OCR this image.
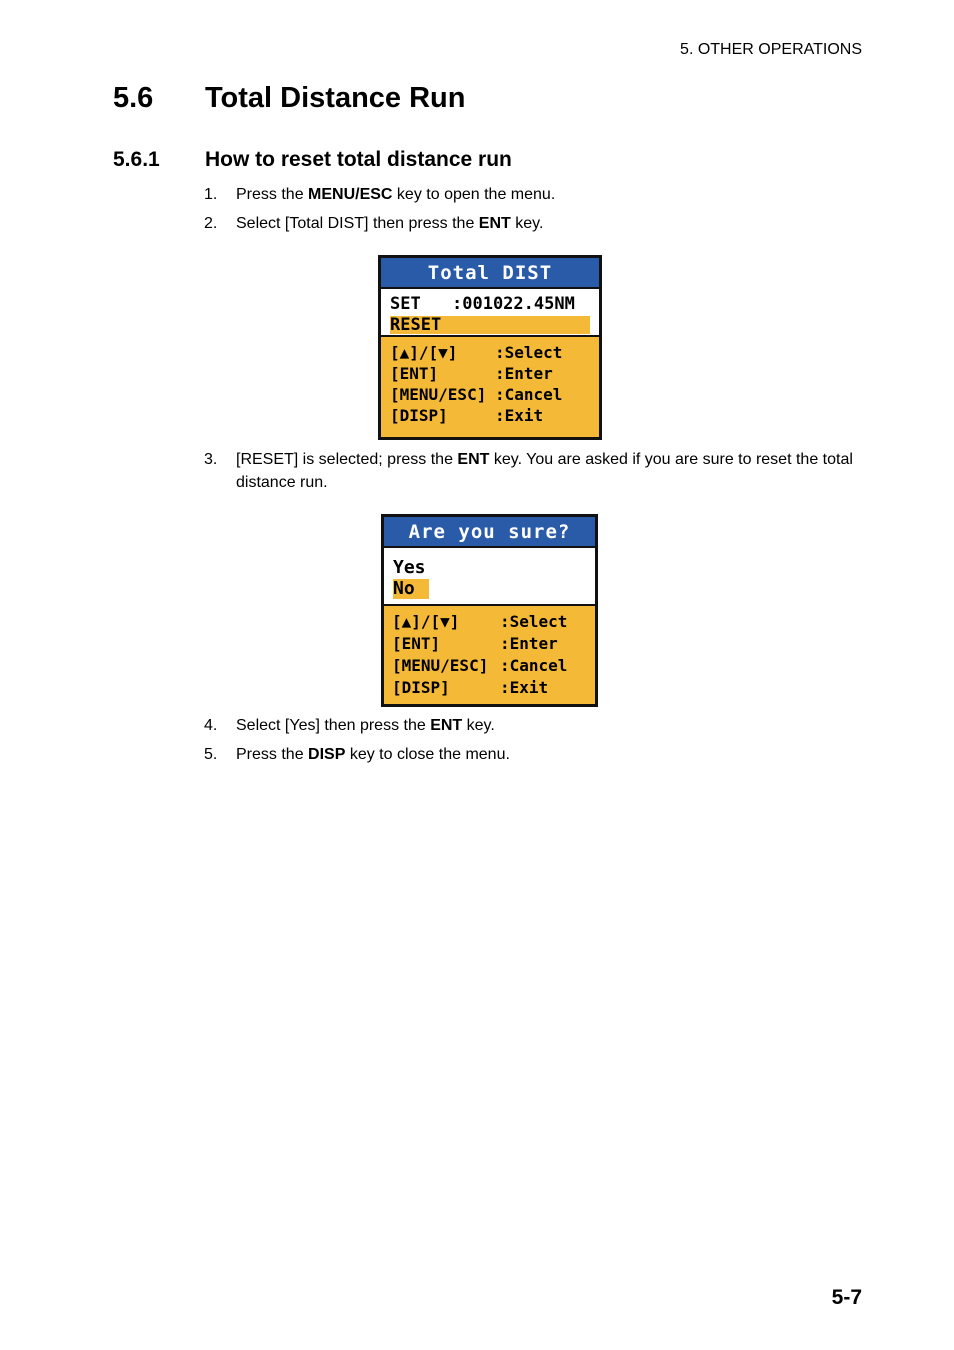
5. OTHER OPERATIONS
5.6 Total Distance Run
5.6.1 How to reset total distance run
1.	Press the MENU/ESC key to open the menu.
2.	Select [Total DIST] then press the ENT key.
Total DIST
SET	:001022.45NM
RESET
[▲]/[▼]	:Select
[ENT]	:Enter
[MENU/ESC] :Cancel
[DISP]	:Exit
3.	[RESET] is selected; press the ENT key. You are asked if you are sure to reset the total distance run.
Are you sure?
Yes
No
[▲]/[▼]	:Select
[ENT]	:Enter
[MENU/ESC] :Cancel
[DISP]	:Exit
4.	Select [Yes] then press the ENT key.
5.	Press the DISP key to close the menu.
5-7
